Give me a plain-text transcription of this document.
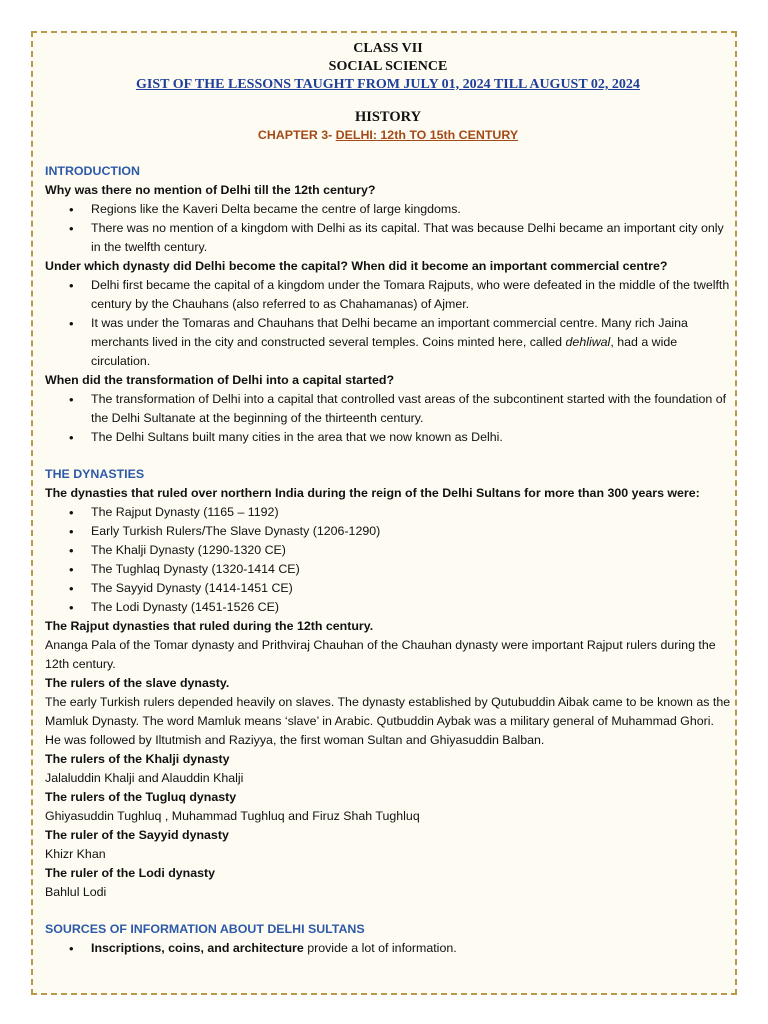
CLASS VII
SOCIAL SCIENCE
GIST OF THE LESSONS TAUGHT FROM JULY 01, 2024 TILL AUGUST 02, 2024
HISTORY
CHAPTER 3- DELHI: 12th TO 15th CENTURY
INTRODUCTION
Why was there no mention of Delhi till the 12th century?
• Regions like the Kaveri Delta became the centre of large kingdoms.
• There was no mention of a kingdom with Delhi as its capital. That was because Delhi became an important city only in the twelfth century.
Under which dynasty did Delhi become the capital? When did it become an important commercial centre?
• Delhi first became the capital of a kingdom under the Tomara Rajputs, who were defeated in the middle of the twelfth century by the Chauhans (also referred to as Chahamanas) of Ajmer.
• It was under the Tomaras and Chauhans that Delhi became an important commercial centre. Many rich Jaina merchants lived in the city and constructed several temples. Coins minted here, called dehliwal, had a wide circulation.
When did the transformation of Delhi into a capital started?
• The transformation of Delhi into a capital that controlled vast areas of the subcontinent started with the foundation of the Delhi Sultanate at the beginning of the thirteenth century.
• The Delhi Sultans built many cities in the area that we now known as Delhi.
THE DYNASTIES
The dynasties that ruled over northern India during the reign of the Delhi Sultans for more than 300 years were:
• The Rajput Dynasty (1165 – 1192)
• Early Turkish Rulers/The Slave Dynasty (1206-1290)
• The Khalji Dynasty (1290-1320 CE)
• The Tughlaq Dynasty (1320-1414 CE)
• The Sayyid Dynasty (1414-1451 CE)
• The Lodi Dynasty (1451-1526 CE)
The Rajput dynasties that ruled during the 12th century.
Ananga Pala of the Tomar dynasty and Prithviraj Chauhan of the Chauhan dynasty were important Rajput rulers during the 12th century.
The rulers of the slave dynasty.
The early Turkish rulers depended heavily on slaves. The dynasty established by Qutubuddin Aibak came to be known as the Mamluk Dynasty. The word Mamluk means ‘slave’ in Arabic. Qutbuddin Aybak was a military general of Muhammad Ghori. He was followed by Iltutmish and Raziyya, the first woman Sultan and Ghiyasuddin Balban.
The rulers of the Khalji dynasty
Jalaluddin Khalji and Alauddin Khalji
The rulers of the Tugluq dynasty
Ghiyasuddin Tughluq , Muhammad Tughluq and Firuz Shah Tughluq
The ruler of the Sayyid dynasty
Khizr Khan
The ruler of the Lodi dynasty
Bahlul Lodi
SOURCES OF INFORMATION ABOUT DELHI SULTANS
• Inscriptions, coins, and architecture provide a lot of information.
